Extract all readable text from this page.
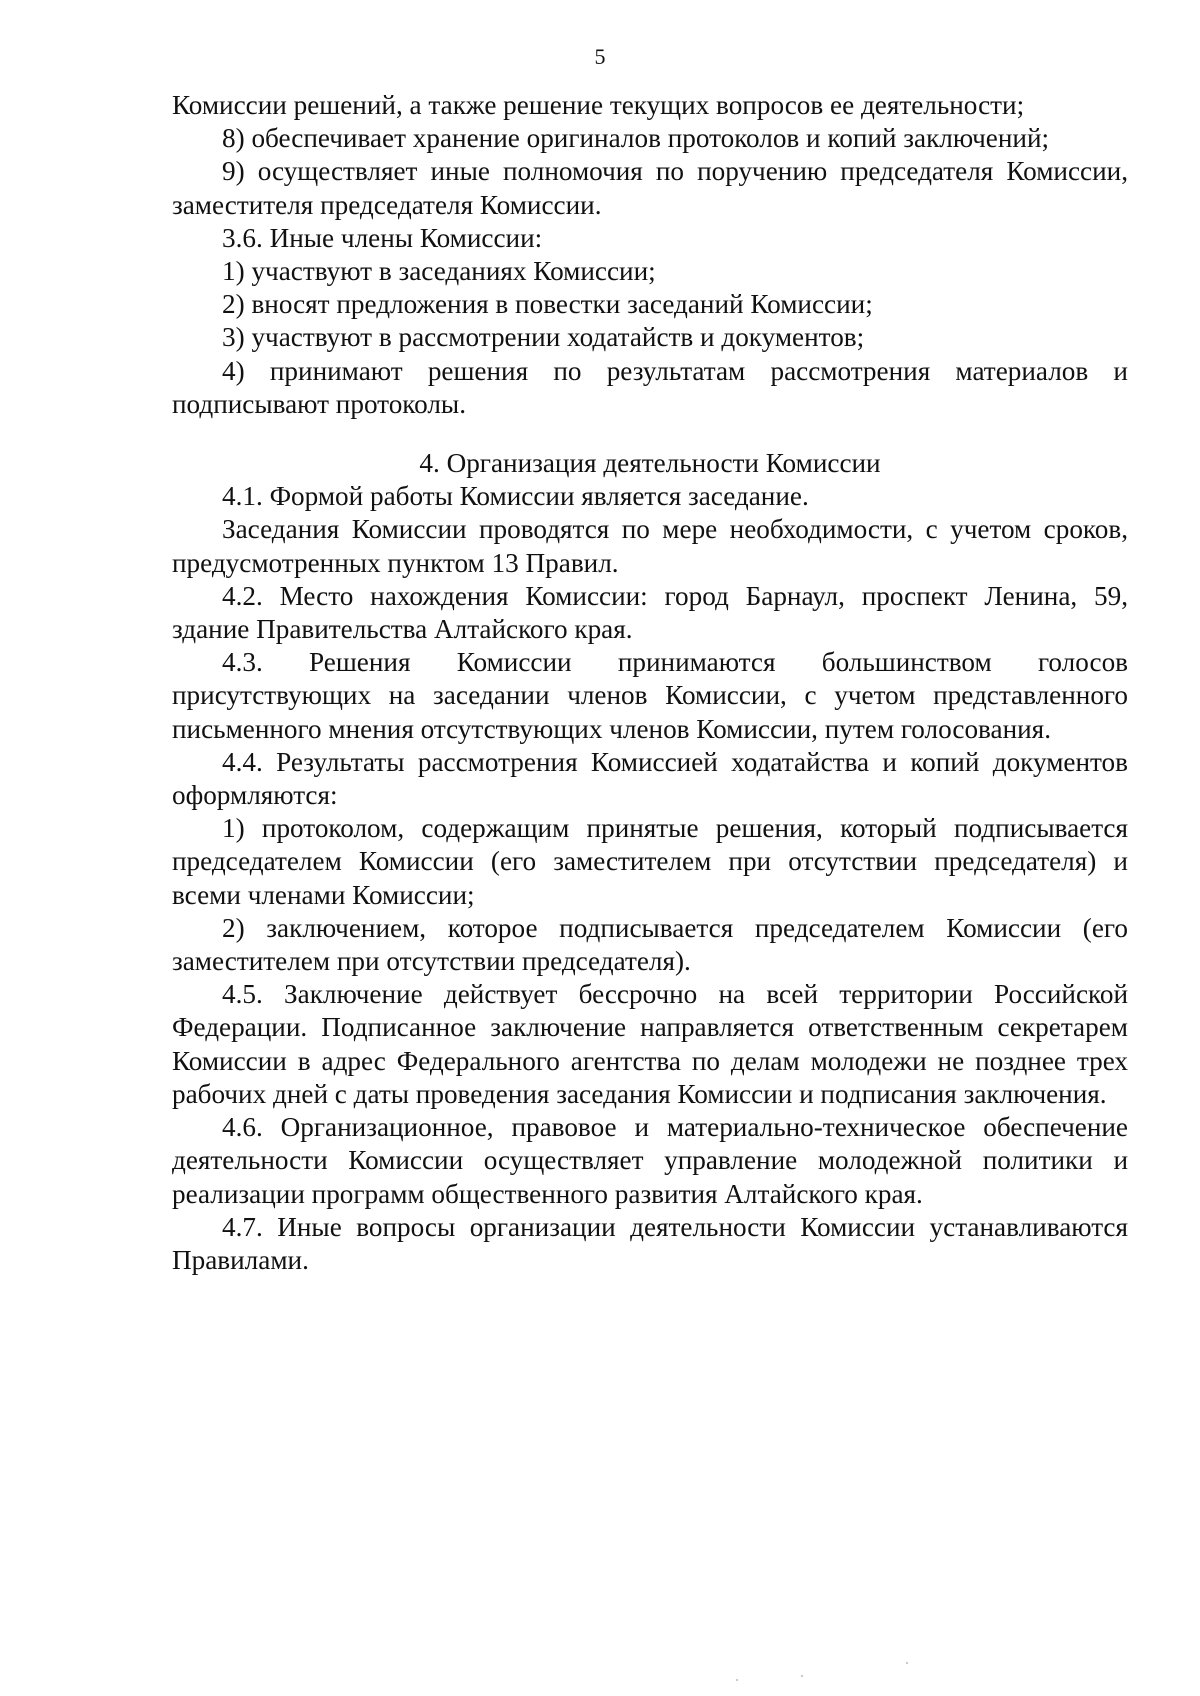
5

Комиссии решений, а также решение текущих вопросов ее деятельности;

8) обеспечивает хранение оригиналов протоколов и копий заключений;

9) осуществляет иные полномочия по поручению председателя Комиссии, заместителя председателя Комиссии.

3.6. Иные члены Комиссии:

1) участвуют в заседаниях Комиссии;

2) вносят предложения в повестки заседаний Комиссии;

3) участвуют в рассмотрении ходатайств и документов;

4) принимают решения по результатам рассмотрения материалов и подписывают протоколы.

4. Организация деятельности Комиссии

4.1. Формой работы Комиссии является заседание.

Заседания Комиссии проводятся по мере необходимости, с учетом сроков, предусмотренных пунктом 13 Правил.

4.2. Место нахождения Комиссии: город Барнаул, проспект Ленина, 59, здание Правительства Алтайского края.

4.3. Решения Комиссии принимаются большинством голосов присутствующих на заседании членов Комиссии, с учетом представленного письменного мнения отсутствующих членов Комиссии, путем голосования.

4.4. Результаты рассмотрения Комиссией ходатайства и копий документов оформляются:

1) протоколом, содержащим принятые решения, который подписывается председателем Комиссии (его заместителем при отсутствии председателя) и всеми членами Комиссии;

2) заключением, которое подписывается председателем Комиссии (его заместителем при отсутствии председателя).

4.5. Заключение действует бессрочно на всей территории Российской Федерации. Подписанное заключение направляется ответственным секретарем Комиссии в адрес Федерального агентства по делам молодежи не позднее трех рабочих дней с даты проведения заседания Комиссии и подписания заключения.

4.6. Организационное, правовое и материально-техническое обеспечение деятельности Комиссии осуществляет управление молодежной политики и реализации программ общественного развития Алтайского края.

4.7. Иные вопросы организации деятельности Комиссии устанавливаются Правилами.
